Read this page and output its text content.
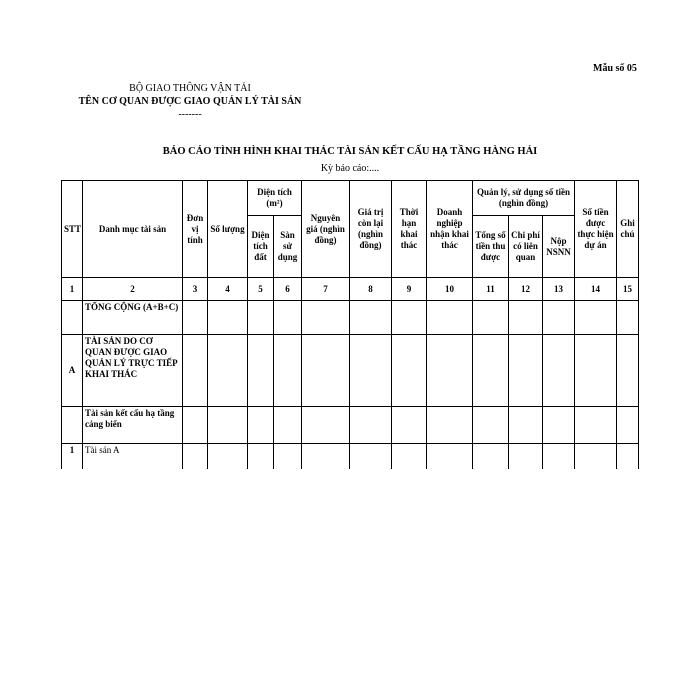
Mẫu số 05
BỘ GIAO THÔNG VẬN TẢI
TÊN CƠ QUAN ĐƯỢC GIAO QUẢN LÝ TÀI SẢN
-------
BÁO CÁO TÌNH HÌNH KHAI THÁC TÀI SẢN KẾT CẤU HẠ TẦNG HÀNG HẢI
Kỳ báo cáo:....
STT	Danh mục tài sản	Đơn vị tính	Số lượng	Diện tích (m²)		Nguyên giá (nghìn đồng)	Giá trị còn lại (nghìn đồng)	Thời hạn khai thác	Doanh nghiệp nhận khai thác	Quản lý, sử dụng số tiền (nghìn đồng)			Số tiền được thực hiện dự án	Ghi chú
				Diện tích đất	Sàn sử dụng					Tổng số tiền thu được	Chi phí có liên quan	Nộp NSNN		
1	2	3	4	5	6	7	8	9	10	11	12	13	14	15
	TỔNG CỘNG (A+B+C)													
A	TÀI SẢN DO CƠ QUAN ĐƯỢC GIAO QUẢN LÝ TRỰC TIẾP KHAI THÁC													
	Tài sản kết cấu hạ tầng cảng biển													
1	Tài sản A													
